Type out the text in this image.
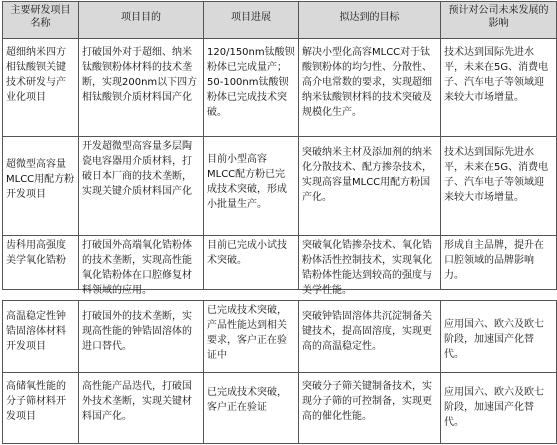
主要研发项目名称
项目目的	项目进展	拟达到的目标
预计对公司未来发展的影响
超细纳米四方相钛酸钡关键技术研发与产业化项目
打破国外对于超细、纳米钛酸钡粉体材料的技术垄断，实现200nm以下四方相钛酸钡介质材料国产化
120/150nm钛酸钡粉体已完成量产；50-100nm钛酸钡粉体已完成技术突破。
解决小型化高容MLCC对于钛酸钡粉体的均匀性、分散性、高介电常数的要求，实现超细纳米钛酸钡材料的技术突破及规模化生产。
技术达到国际先进水平，未来在5G、消费电子、汽车电子等领域迎来较大市场增量。
超微型高容量MLCC用配方粉开发项目
开发超微型高容量多层陶瓷电容器用介质材料，打破日本厂商的技术垄断，实现关键介质材料国产化
目前小型高容MLCC配方粉已完成技术突破，形成小批量生产。
突破纳米主材及添加剂的纳米化分散技术、配方掺杂技术，实现高容量MLCC用配方粉国产化。
技术达到国际先进水平，未来在5G、消费电子、汽车电子等领域迎来较大市场增量。
齿科用高强度美学氧化锆粉
打破国外高端氧化锆粉体的技术垄断，实现高性能氧化锆粉体在口腔修复材料领域的应用。
目前已完成小试技术突破。
突破氧化锆掺杂技术、氧化锆粉体活性控制技术，实现氧化锆粉体性能达到较高的强度与美学性能。
形成自主品牌，提升在口腔领域的品牌影响力。
高温稳定性钟锆固溶体材料开发项目
打破国外的技术垄断，实现高性能的钟锆固溶体的进口替代。
已完成技术突破，产品性能达到相关要求，客户正在验证中
突破钟锆固溶体共沉淀制备关键技术，提高固溶度，实现更高的高温稳定性。
应用国六、欧六及欧七阶段，加速国产化替代。
高储氧性能的分子筛材料开发项目
高性能产品迭代，打破国外技术垄断，实现关键材料国产化。
已完成技术突破，客户正在验证
突破分子筛关键制备技术，实现分子筛的可控制备，实现更高的催化性能。
应用国六、欧六及欧七阶段，加速国产化替代。
